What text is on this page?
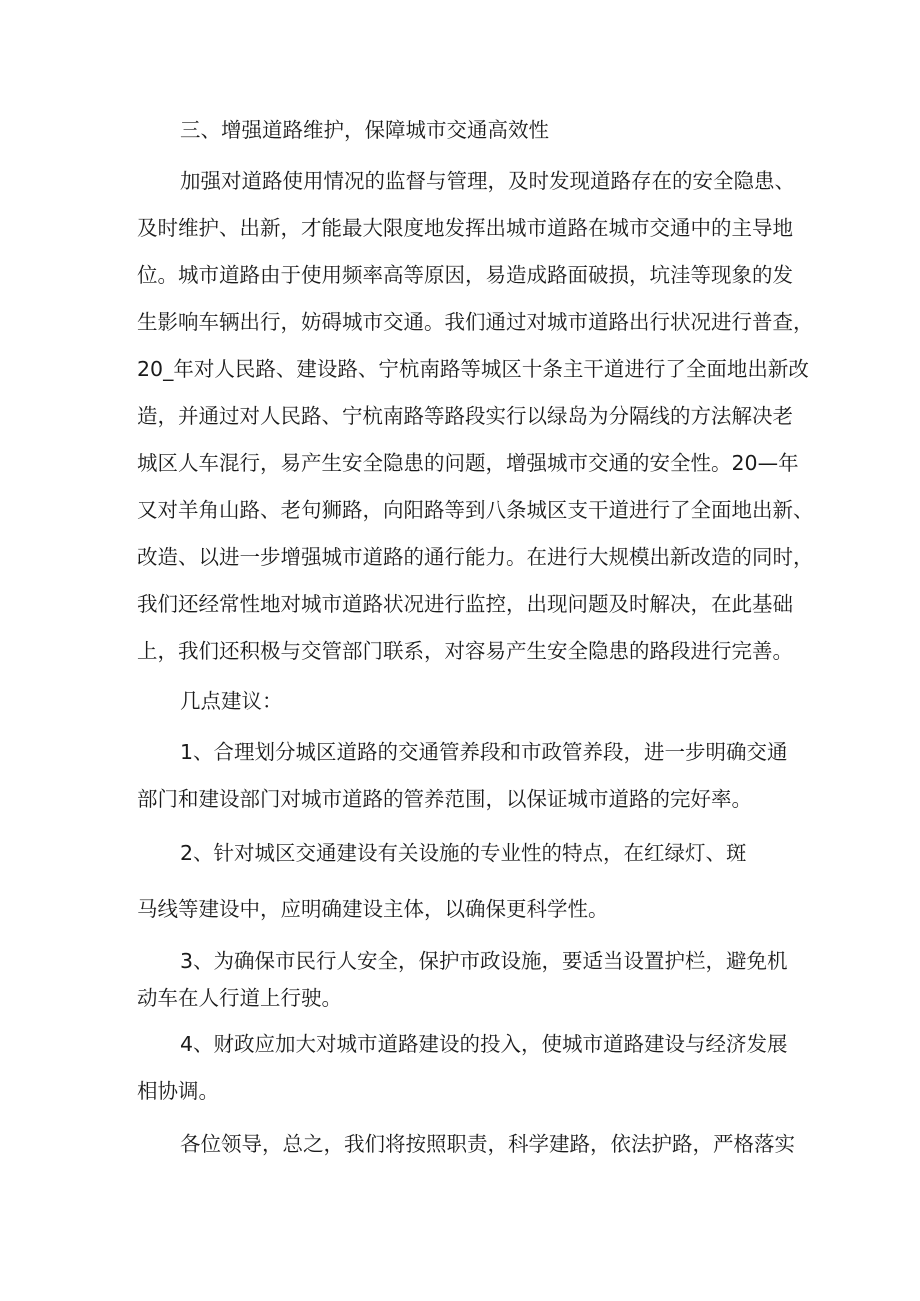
三、增强道路维护，保障城市交通高效性
加强对道路使用情况的监督与管理，及时发现道路存在的安全隐患、
及时维护、出新，才能最大限度地发挥出城市道路在城市交通中的主导地
位。城市道路由于使用频率高等原因，易造成路面破损，坑洼等现象的发
生影响车辆出行，妨碍城市交通。我们通过对城市道路出行状况进行普查，
20_年对人民路、建设路、宁杭南路等城区十条主干道进行了全面地出新改
造，并通过对人民路、宁杭南路等路段实行以绿岛为分隔线的方法解决老
城区人车混行，易产生安全隐患的问题，增强城市交通的安全性。20—年
又对羊角山路、老句狮路，向阳路等到八条城区支干道进行了全面地出新、
改造、以进一步增强城市道路的通行能力。在进行大规模出新改造的同时，
我们还经常性地对城市道路状况进行监控，出现问题及时解决，在此基础
上，我们还积极与交管部门联系，对容易产生安全隐患的路段进行完善。
几点建议：
1、合理划分城区道路的交通管养段和市政管养段，进一步明确交通
部门和建设部门对城市道路的管养范围，以保证城市道路的完好率。
2、针对城区交通建设有关设施的专业性的特点，在红绿灯、斑
马线等建设中，应明确建设主体，以确保更科学性。
3、为确保市民行人安全，保护市政设施，要适当设置护栏，避免机
动车在人行道上行驶。
4、财政应加大对城市道路建设的投入，使城市道路建设与经济发展
相协调。
各位领导，总之，我们将按照职责，科学建路，依法护路，严格落实
